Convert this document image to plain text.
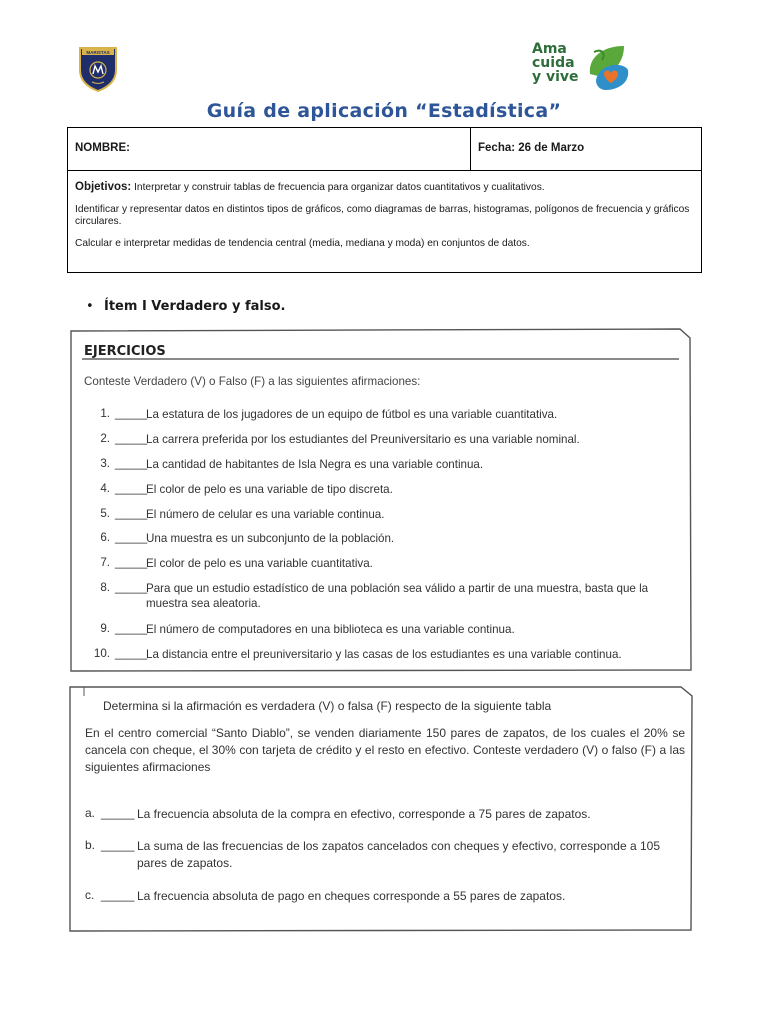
MARISTAS	Ama
cuida
y vive
Guía de aplicación “Estadística”
NOMBRE:	Fecha: 26 de Marzo

Objetivos: Interpretar y construir tablas de frecuencia para organizar datos cuantitativos y cualitativos.

Identificar y representar datos en distintos tipos de gráficos, como diagramas de barras, histogramas, polígonos de frecuencia y gráficos circulares.

Calcular e interpretar medidas de tendencia central (media, mediana y moda) en conjuntos de datos.

• Ítem I Verdadero y falso.
EJERCICIOS
Conteste Verdadero (V) o Falso (F) a las siguientes afirmaciones:
1. _____
La estatura de los jugadores de un equipo de fútbol es una variable cuantitativa.
2. _____
La carrera preferida por los estudiantes del Preuniversitario es una variable nominal.
3. _____
La cantidad de habitantes de Isla Negra es una variable continua.
4. _____
El color de pelo es una variable de tipo discreta.
5. _____
El número de celular es una variable continua.
6. _____
Una muestra es un subconjunto de la población.
7. _____
El color de pelo es una variable cuantitativa.
8. _____
Para que un estudio estadístico de una población sea válido a partir de una muestra, basta que la muestra sea aleatoria.
9. _____
El número de computadores en una biblioteca es una variable continua.
10. _____
La distancia entre el preuniversitario y las casas de los estudiantes es una variable continua.
Determina si la afirmación es verdadera (V) o falsa (F) respecto de la siguiente tabla
En el centro comercial “Santo Diablo”, se venden diariamente 150 pares de zapatos, de los cuales el 20% se cancela con cheque, el 30% con tarjeta de crédito y el resto en efectivo. Conteste verdadero (V) o falso (F) a las siguientes afirmaciones
a. _____ La frecuencia absoluta de la compra en efectivo, corresponde a 75 pares de zapatos.
b. _____ La suma de las frecuencias de los zapatos cancelados con cheques y efectivo, corresponde a 105 pares de zapatos.
c. _____ La frecuencia absoluta de pago en cheques corresponde a 55 pares de zapatos.
